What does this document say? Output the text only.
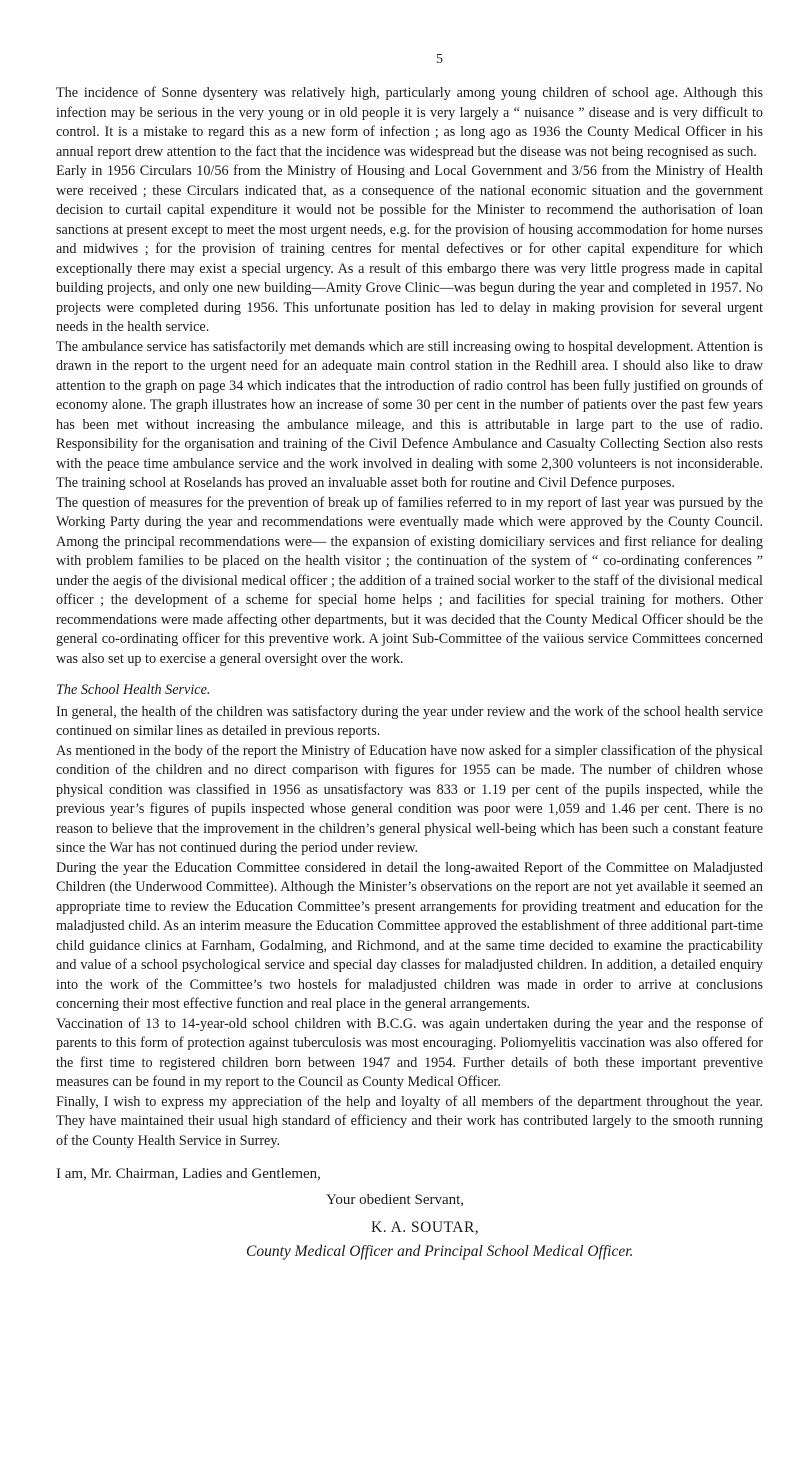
5

The incidence of Sonne dysentery was relatively high, particularly among young children of school age. Although this infection may be serious in the very young or in old people it is very largely a “ nuisance ” disease and is very difficult to control. It is a mistake to regard this as a new form of infection ; as long ago as 1936 the County Medical Officer in his annual report drew attention to the fact that the incidence was widespread but the disease was not being recognised as such.

Early in 1956 Circulars 10/56 from the Ministry of Housing and Local Government and 3/56 from the Ministry of Health were received ; these Circulars indicated that, as a consequence of the national economic situation and the government decision to curtail capital expenditure it would not be possible for the Minister to recommend the authorisation of loan sanctions at present except to meet the most urgent needs, e.g. for the provision of housing accommodation for home nurses and midwives ; for the provision of training centres for mental defectives or for other capital expenditure for which exceptionally there may exist a special urgency. As a result of this embargo there was very little progress made in capital building projects, and only one new building—Amity Grove Clinic—was begun during the year and completed in 1957. No projects were completed during 1956. This unfortunate position has led to delay in making provision for several urgent needs in the health service.

The ambulance service has satisfactorily met demands which are still increasing owing to hospital development. Attention is drawn in the report to the urgent need for an adequate main control station in the Redhill area. I should also like to draw attention to the graph on page 34 which indicates that the introduction of radio control has been fully justified on grounds of economy alone. The graph illustrates how an increase of some 30 per cent in the number of patients over the past few years has been met without increasing the ambulance mileage, and this is attributable in large part to the use of radio. Responsibility for the organisation and training of the Civil Defence Ambulance and Casualty Collecting Section also rests with the peace time ambulance service and the work involved in dealing with some 2,300 volunteers is not inconsiderable. The training school at Roselands has proved an invaluable asset both for routine and Civil Defence purposes.

The question of measures for the prevention of break up of families referred to in my report of last year was pursued by the Working Party during the year and recommendations were eventually made which were approved by the County Council. Among the principal recommendations were— the expansion of existing domiciliary services and first reliance for dealing with problem families to be placed on the health visitor ; the continuation of the system of “ co-ordinating conferences ” under the aegis of the divisional medical officer ; the addition of a trained social worker to the staff of the divisional medical officer ; the development of a scheme for special home helps ; and facilities for special training for mothers. Other recommendations were made affecting other departments, but it was decided that the County Medical Officer should be the general co-ordinating officer for this preventive work. A joint Sub-Committee of the vaiious service Committees concerned was also set up to exercise a general oversight over the work.

The School Health Service.

In general, the health of the children was satisfactory during the year under review and the work of the school health service continued on similar lines as detailed in previous reports.

As mentioned in the body of the report the Ministry of Education have now asked for a simpler classification of the physical condition of the children and no direct comparison with figures for 1955 can be made. The number of children whose physical condition was classified in 1956 as unsatisfactory was 833 or 1.19 per cent of the pupils inspected, while the previous year’s figures of pupils inspected whose general condition was poor were 1,059 and 1.46 per cent. There is no reason to believe that the improvement in the children’s general physical well-being which has been such a constant feature since the War has not continued during the period under review.

During the year the Education Committee considered in detail the long-awaited Report of the Committee on Maladjusted Children (the Underwood Committee). Although the Minister’s observations on the report are not yet available it seemed an appropriate time to review the Education Committee’s present arrangements for providing treatment and education for the maladjusted child. As an interim measure the Education Committee approved the establishment of three additional part-time child guidance clinics at Farnham, Godalming, and Richmond, and at the same time decided to examine the practicability and value of a school psychological service and special day classes for maladjusted children. In addition, a detailed enquiry into the work of the Committee’s two hostels for maladjusted children was made in order to arrive at conclusions concerning their most effective function and real place in the general arrangements.

Vaccination of 13 to 14-year-old school children with B.C.G. was again undertaken during the year and the response of parents to this form of protection against tuberculosis was most encouraging. Poliomyelitis vaccination was also offered for the first time to registered children born between 1947 and 1954. Further details of both these important preventive measures can be found in my report to the Council as County Medical Officer.

Finally, I wish to express my appreciation of the help and loyalty of all members of the department throughout the year. They have maintained their usual high standard of efficiency and their work has contributed largely to the smooth running of the County Health Service in Surrey.

I am, Mr. Chairman, Ladies and Gentlemen,
Your obedient Servant,
K. A. SOUTAR,
County Medical Officer and Principal School Medical Officer.
